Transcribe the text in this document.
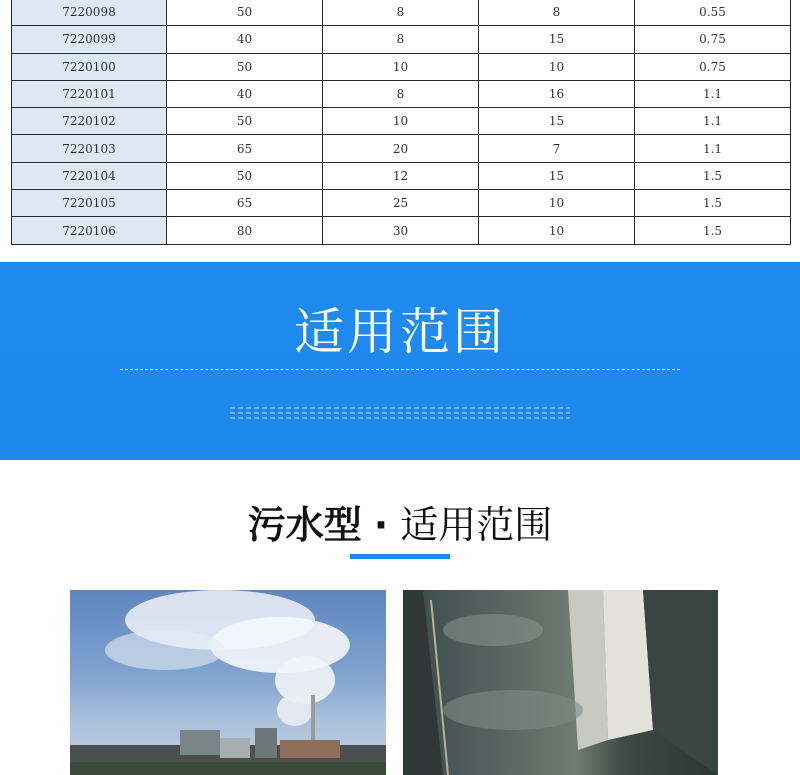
7220098	50	8	8	0.55
7220099	40	8	15	0.75
7220100	50	10	10	0.75
7220101	40	8	16	1.1
7220102	50	10	15	1.1
7220103	65	20	7	1.1
7220104	50	12	15	1.5
7220105	65	25	10	1.5
7220106	80	30	10	1.5
适用范围
污水型 · 适用范围
